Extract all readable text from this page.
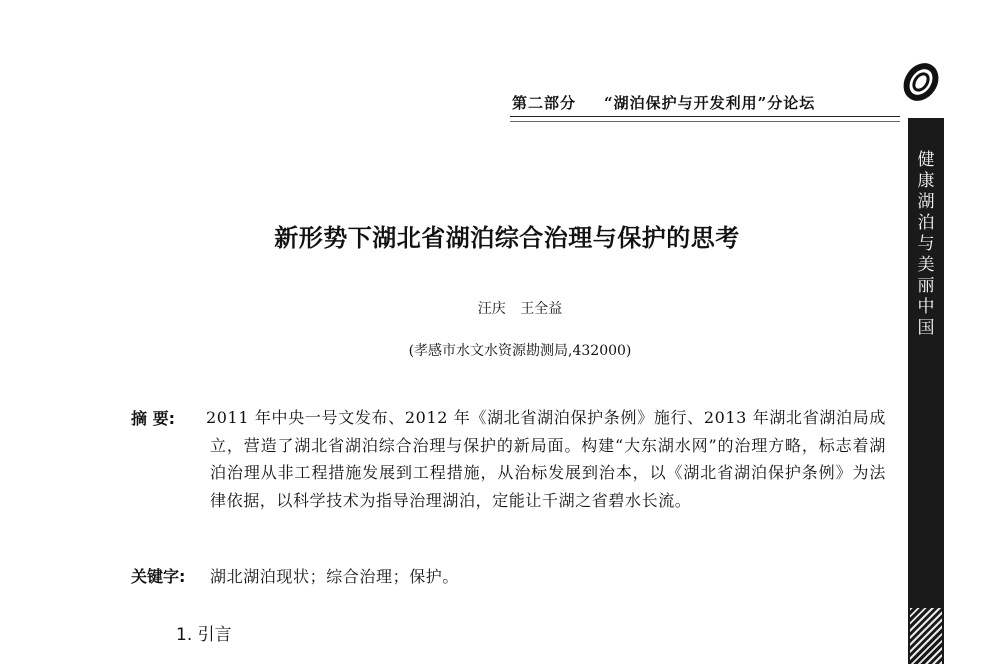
第二部分 “湖泊保护与开发利用”分论坛
健康湖泊与美丽中国
新形势下湖北省湖泊综合治理与保护的思考
汪庆 王全益
(孝感市水文水资源勘测局,432000)
摘 要: 2011 年中央一号文发布、2012 年《湖北省湖泊保护条例》施行、2013 年湖北省湖泊局成立，营造了湖北省湖泊综合治理与保护的新局面。构建“大东湖水网”的治理方略，标志着湖泊治理从非工程措施发展到工程措施，从治标发展到治本，以《湖北省湖泊保护条例》为法律依据，以科学技术为指导治理湖泊，定能让千湖之省碧水长流。
关键字: 湖北湖泊现状；综合治理；保护。
1. 引言
